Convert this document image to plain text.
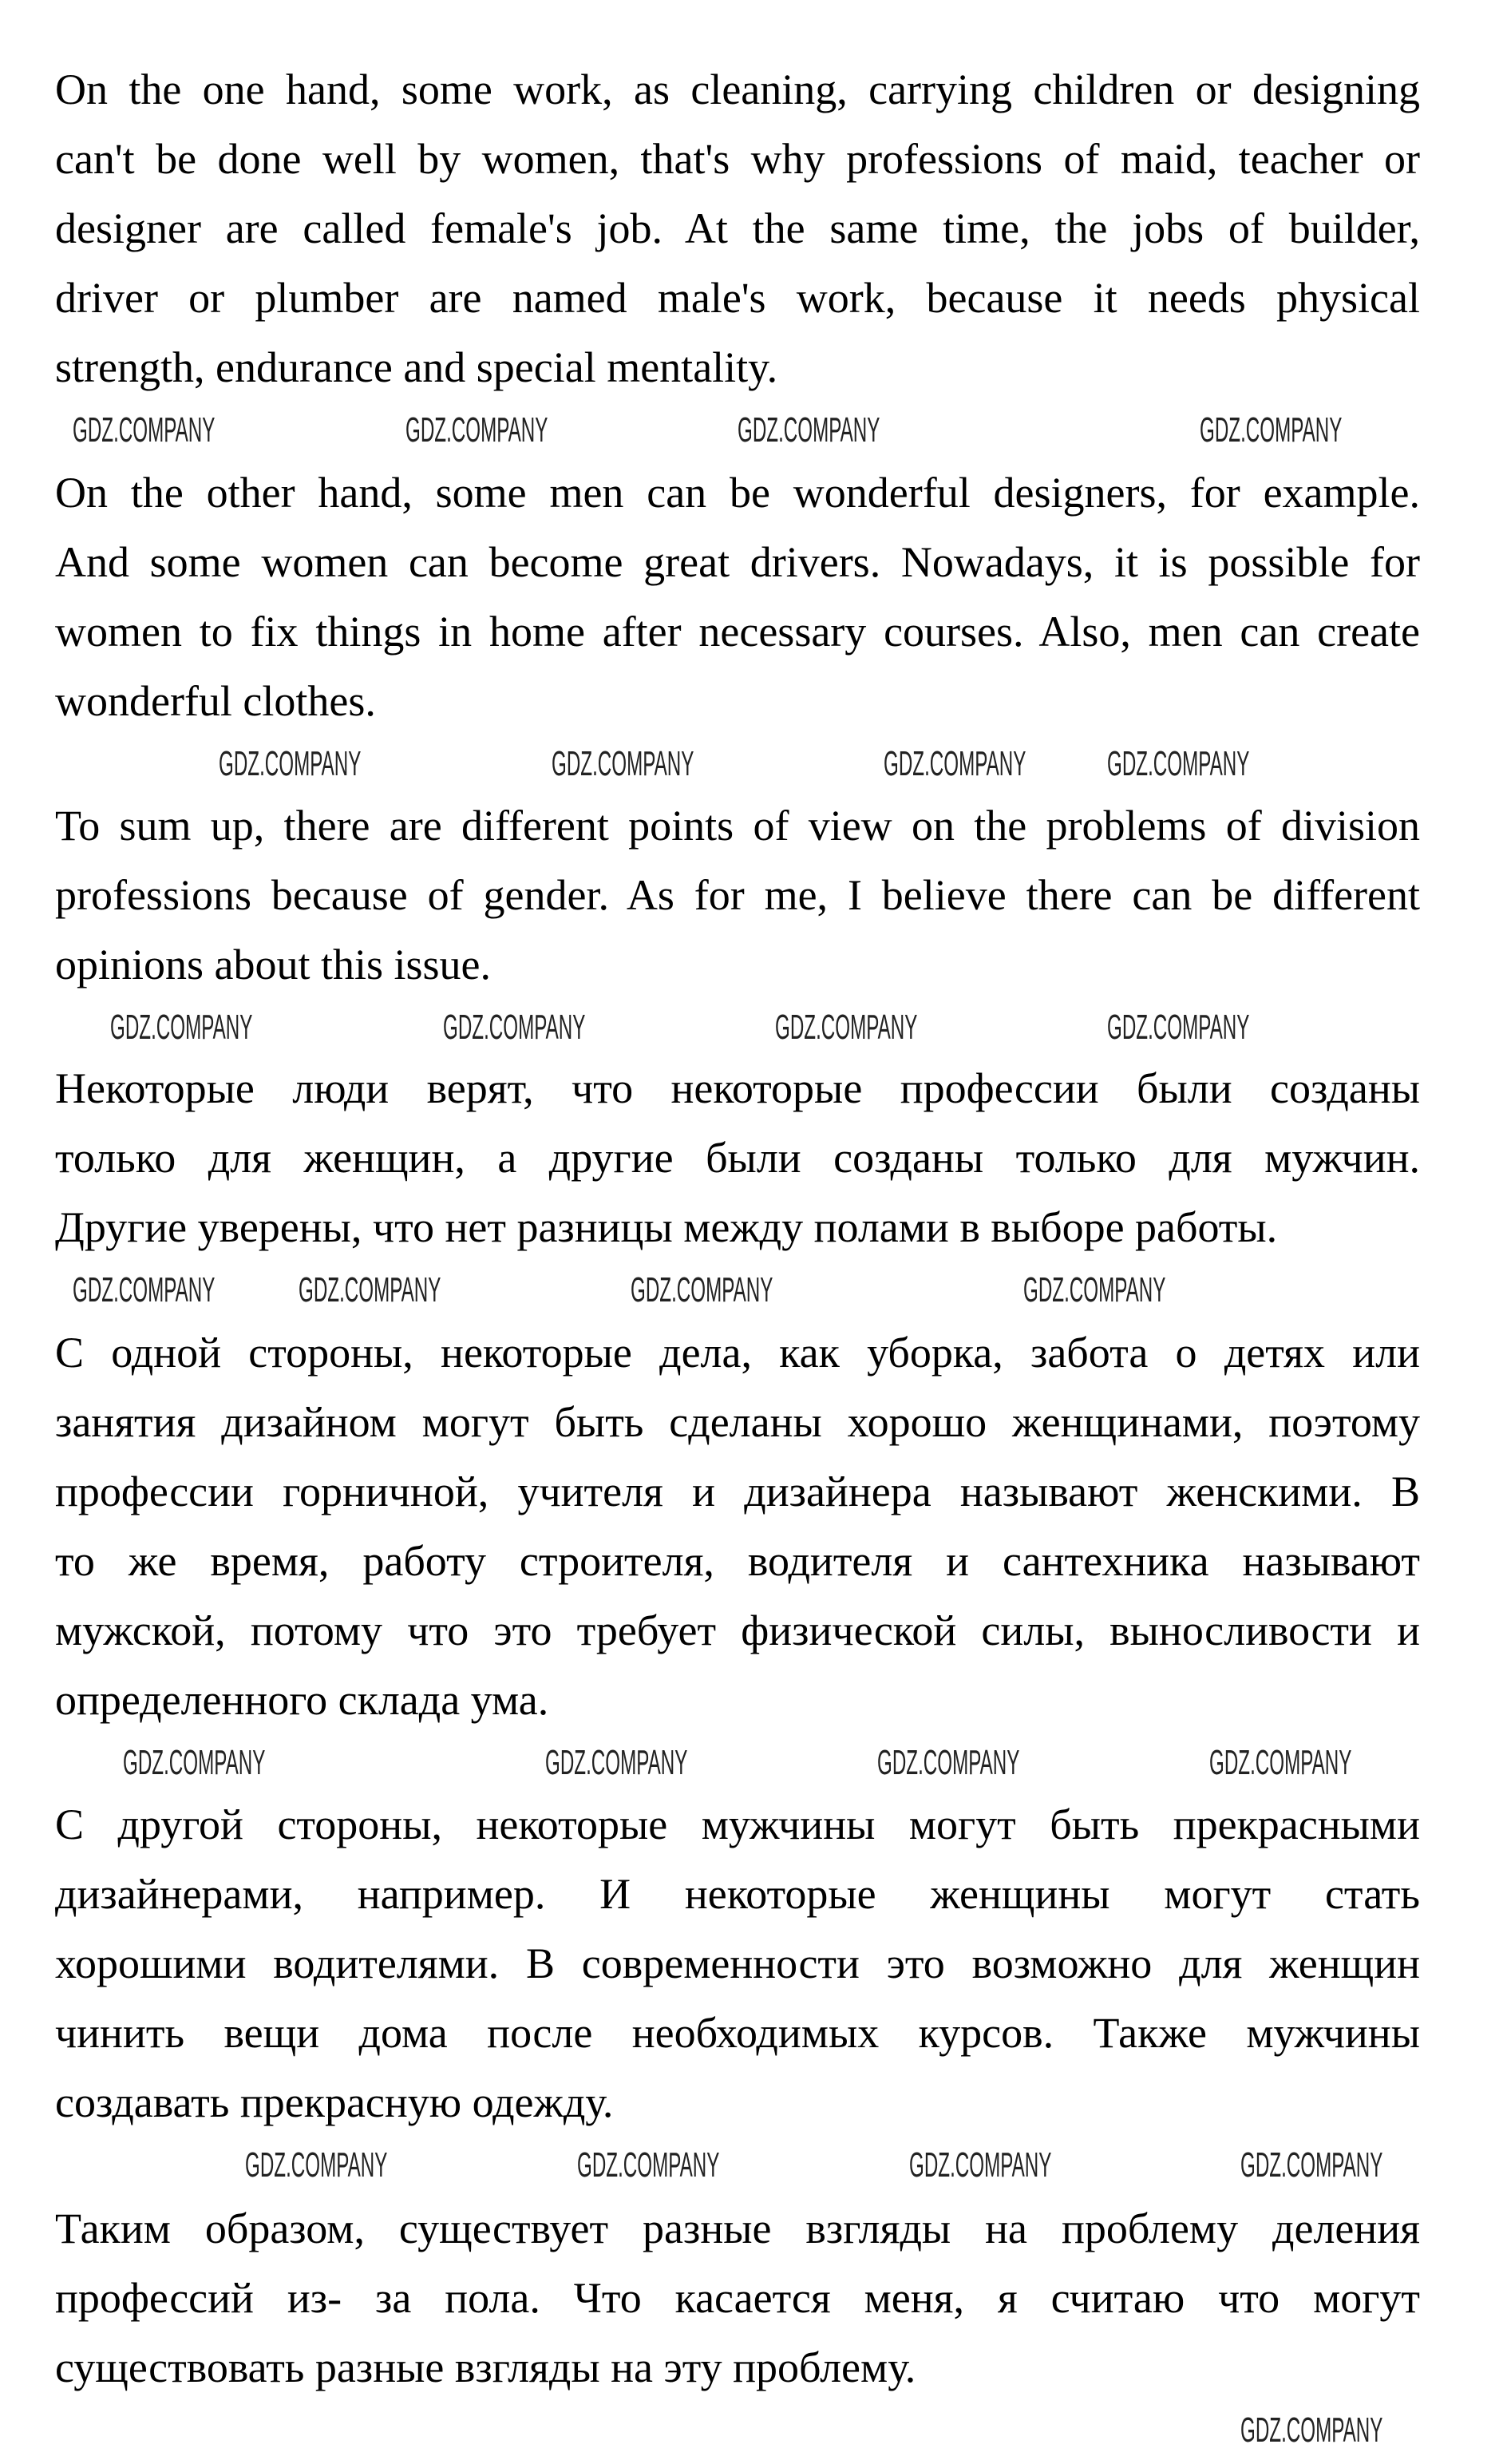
On the one hand, some work, as cleaning, carrying children or designing
can't be done well by women, that's why professions of maid, teacher or
designer are called female's job. At the same time, the jobs of builder,
driver or plumber are named male's work, because it needs physical
strength, endurance and special mentality.
On the other hand, some men can be wonderful designers, for example.
And some women can become great drivers. Nowadays, it is possible for
women to fix things in home after necessary courses. Also, men can create
wonderful clothes.
To sum up, there are different points of view on the problems of division
professions because of gender. As for me, I believe there can be different
opinions about this issue.
Некоторые люди верят, что некоторые профессии были созданы
только для женщин, а другие были созданы только для мужчин.
Другие уверены, что нет разницы между полами в выборе работы.
С одной стороны, некоторые дела, как уборка, забота о детях или
занятия дизайном могут быть сделаны хорошо женщинами, поэтому
профессии горничной, учителя и дизайнера называют женскими. В
то же время, работу строителя, водителя и сантехника называют
мужской, потому что это требует физической силы, выносливости и
определенного склада ума.
С другой стороны, некоторые мужчины могут быть прекрасными
дизайнерами, например. И некоторые женщины могут стать
хорошими водителями. В современности это возможно для женщин
чинить вещи дома после необходимых курсов. Также мужчины
создавать прекрасную одежду.
Таким образом, существует разные взгляды на проблему деления
профессий из- за пола. Что касается меня, я считаю что могут
существовать разные взгляды на эту проблему.
GDZ.COMPANY	GDZ.COMPANY	GDZ.COMPANY	GDZ.COMPANY
GDZ.COMPANY	GDZ.COMPANY	GDZ.COMPANY GDZ.COMPANY
GDZ.COMPANY	GDZ.COMPANY	GDZ.COMPANY	GDZ.COMPANY
GDZ.COMPANY GDZ.COMPANY	GDZ.COMPANY	GDZ.COMPANY
GDZ.COMPANY	GDZ.COMPANY	GDZ.COMPANY	GDZ.COMPANY
GDZ.COMPANY	GDZ.COMPANY	GDZ.COMPANY	GDZ.COMPANY
GDZ.COMPANY
